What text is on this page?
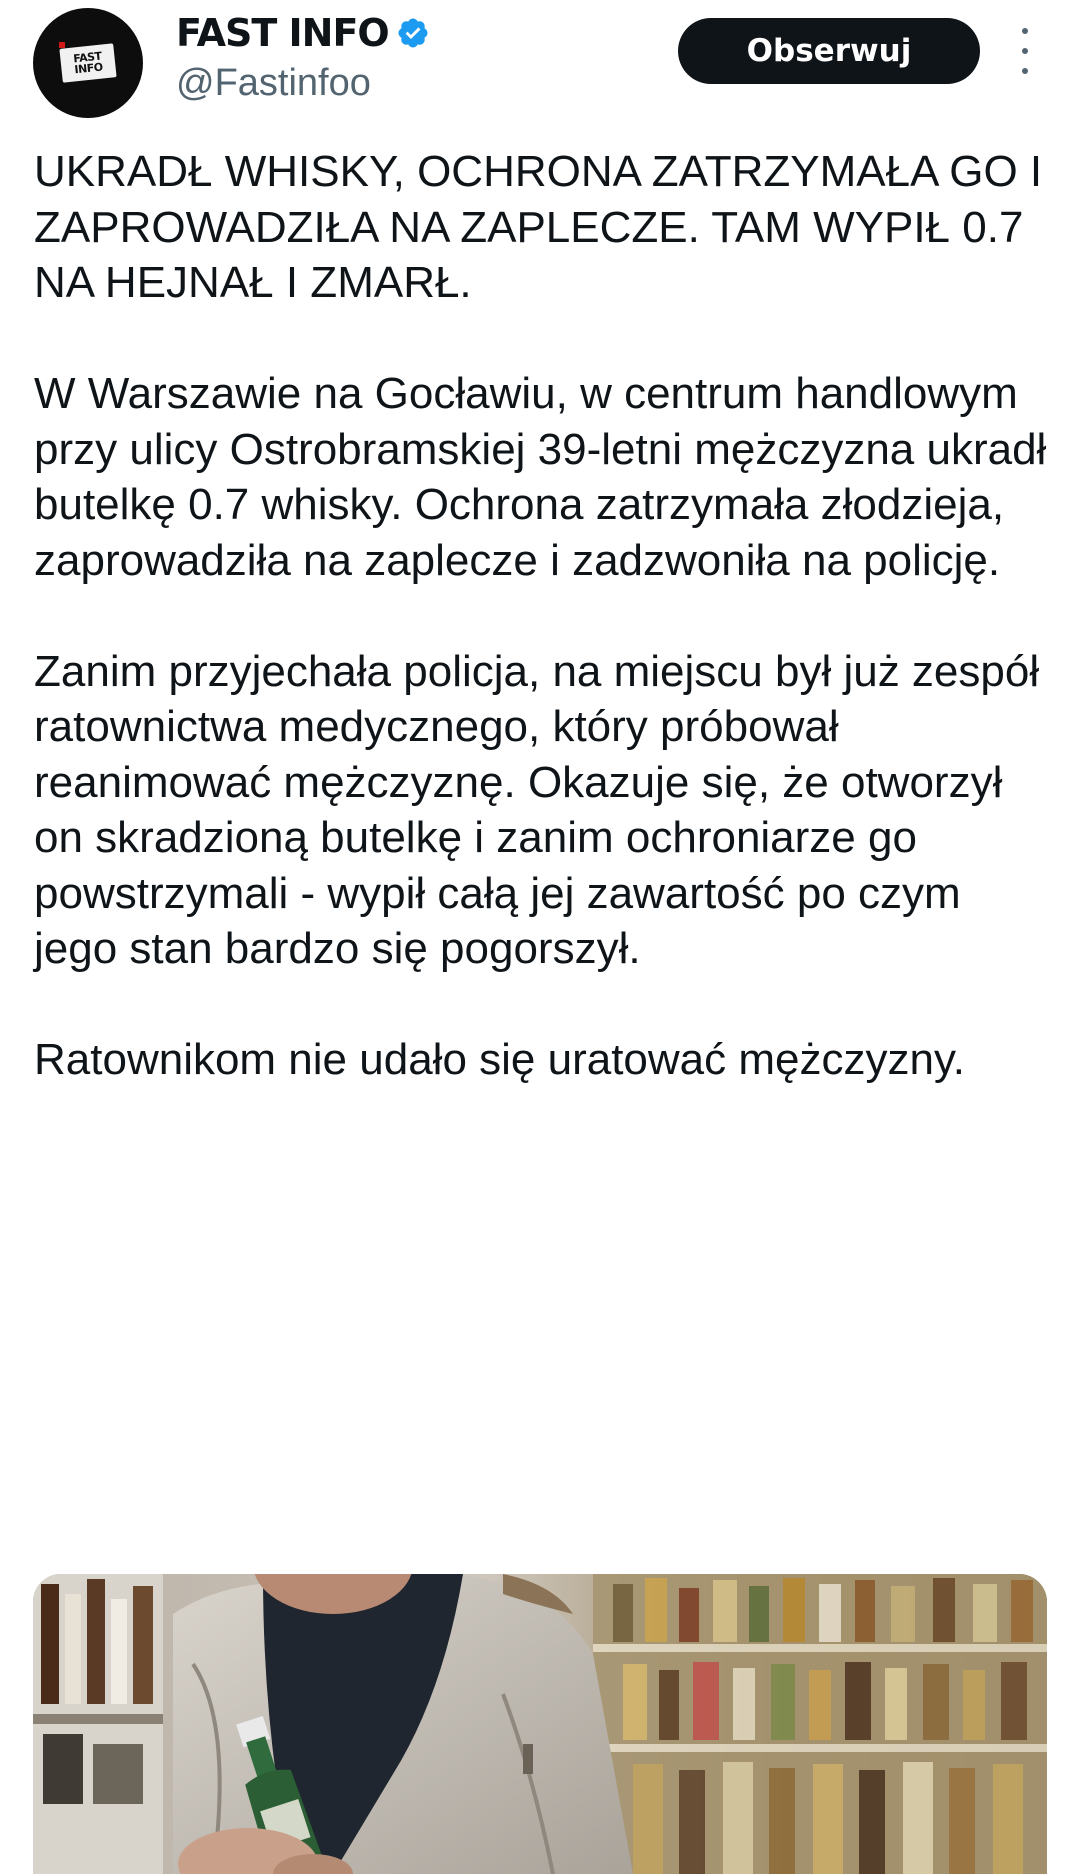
FAST
INFO
FAST INFO
@Fastinfoo
Obserwuj

UKRADŁ WHISKY, OCHRONA ZATRZYMAŁA GO I ZAPROWADZIŁA NA ZAPLECZE. TAM WYPIŁ 0.7 NA HEJNAŁ I ZMARŁ.

W Warszawie na Gocławiu, w centrum handlowym przy ulicy Ostrobramskiej 39-letni mężczyzna ukradł butelkę 0.7 whisky. Ochrona zatrzymała złodzieja, zaprowadziła na zaplecze i zadzwoniła na policję.

Zanim przyjechała policja, na miejscu był już zespół ratownictwa medycznego, który próbował reanimować mężczyznę. Okazuje się, że otworzył on skradzioną butelkę i zanim ochroniarze go powstrzymali - wypił całą jej zawartość po czym jego stan bardzo się pogorszył.

Ratownikom nie udało się uratować mężczyzny.
